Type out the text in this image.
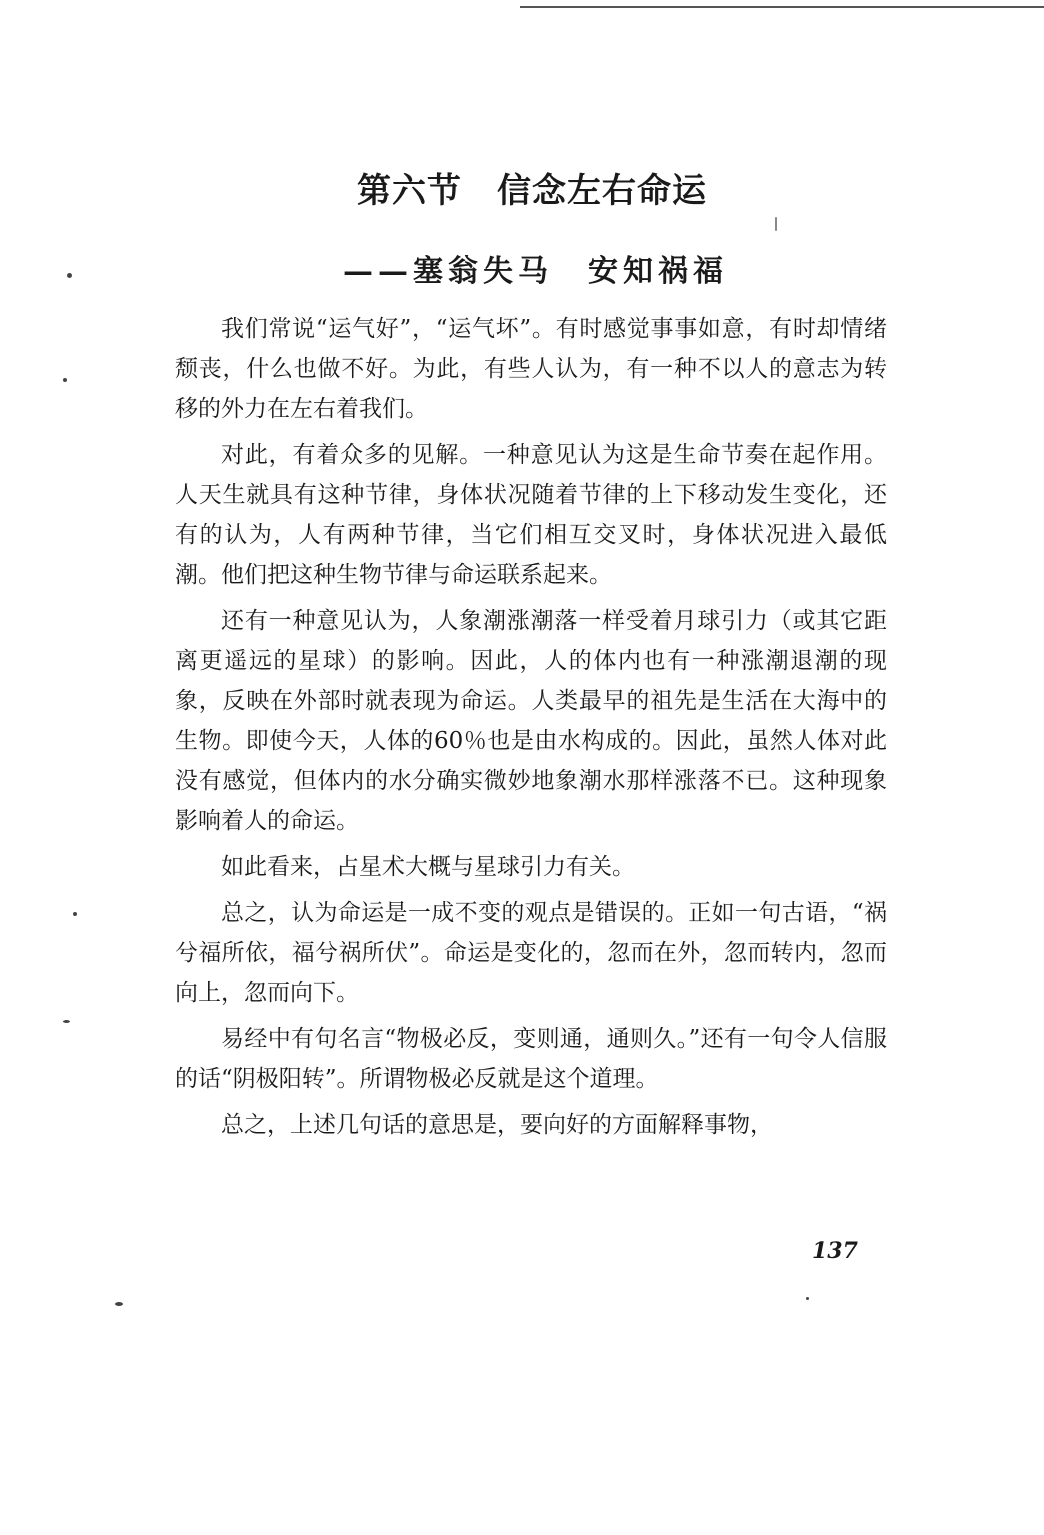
第六节　信念左右命运
——塞翁失马　安知祸福

我们常说“运气好”，“运气坏”。有时感觉事事如意，有时却情绪颓丧，什么也做不好。为此，有些人认为，有一种不以人的意志为转移的外力在左右着我们。

对此，有着众多的见解。一种意见认为这是生命节奏在起作用。人天生就具有这种节律，身体状况随着节律的上下移动发生变化，还有的认为，人有两种节律，当它们相互交叉时，身体状况进入最低潮。他们把这种生物节律与命运联系起来。

还有一种意见认为，人象潮涨潮落一样受着月球引力（或其它距离更遥远的星球）的影响。因此，人的体内也有一种涨潮退潮的现象，反映在外部时就表现为命运。人类最早的祖先是生活在大海中的生物。即使今天，人体的60％也是由水构成的。因此，虽然人体对此没有感觉，但体内的水分确实微妙地象潮水那样涨落不已。这种现象影响着人的命运。

如此看来，占星术大概与星球引力有关。

总之，认为命运是一成不变的观点是错误的。正如一句古语，“祸兮福所依，福兮祸所伏”。命运是变化的，忽而在外，忽而转内，忽而向上，忽而向下。

易经中有句名言“物极必反，变则通，通则久。”还有一句令人信服的话“阴极阳转”。所谓物极必反就是这个道理。

总之，上述几句话的意思是，要向好的方面解释事物，

137
